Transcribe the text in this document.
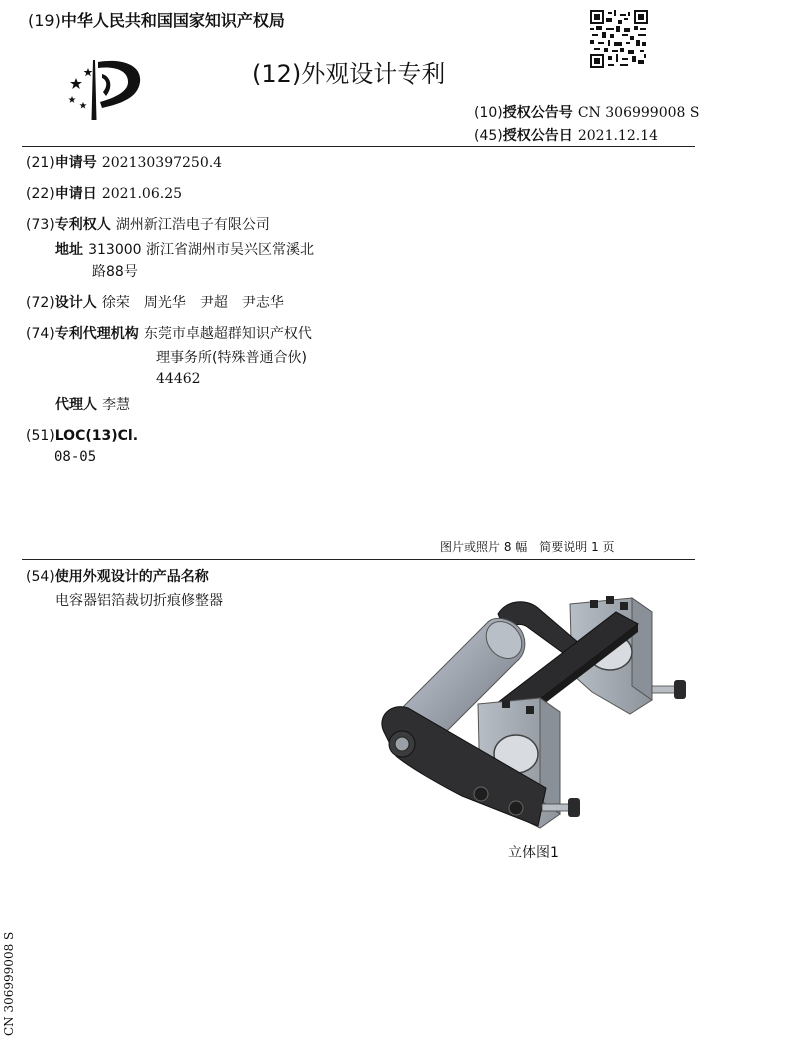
(19)中华人民共和国国家知识产权局
(12)外观设计专利
(10)授权公告号 CN 306999008 S
(45)授权公告日 2021.12.14
(21)申请号 202130397250.4
(22)申请日 2021.06.25
(73)专利权人 湖州新江浩电子有限公司
地址 313000 浙江省湖州市吴兴区常溪北
路88号
(72)设计人 徐荣　周光华　尹超　尹志华
(74)专利代理机构 东莞市卓越超群知识产权代
理事务所(特殊普通合伙)
44462
代理人 李慧
(51)LOC(13)Cl.
08-05
图片或照片 8 幅　简要说明 1 页
(54)使用外观设计的产品名称
电容器铝箔裁切折痕修整器
立体图1
CN 306999008 S
